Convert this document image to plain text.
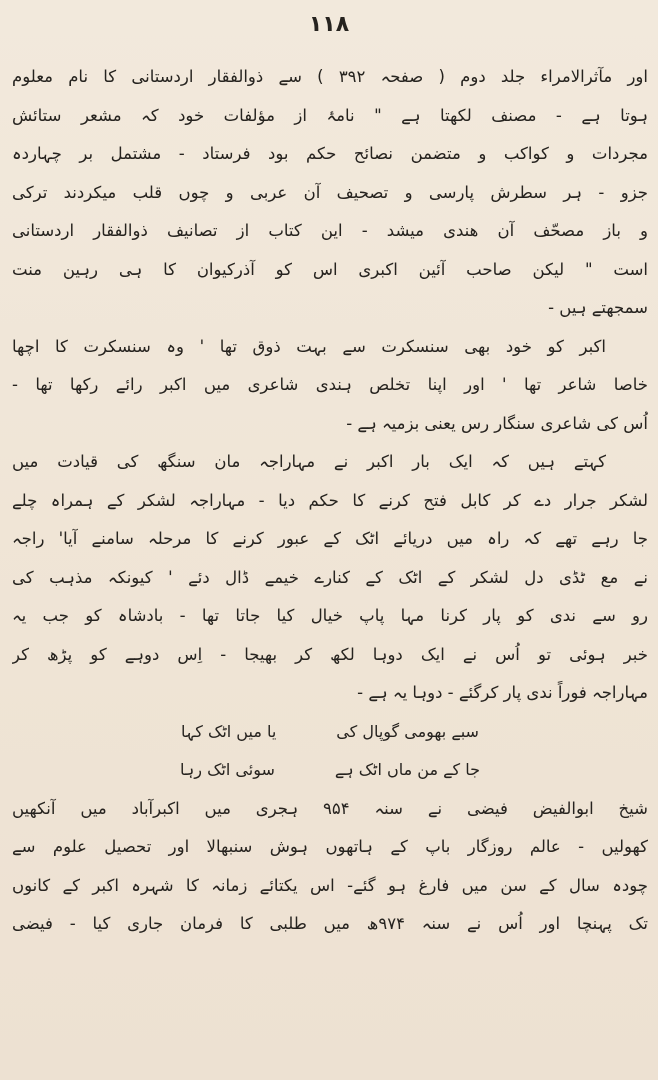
۱۱۸
اور مآثرالامراء جلد دوم ( صفحہ ۳۹۲ ) سے ذوالفقار اردستانی کا نام معلوم
ہوتا ہے - مصنف لکھتا ہے " نامۂ از مؤلفات خود کہ مشعر ستائش
مجردات و کواکب و متضمن نصائح حکم بود فرستاد - مشتمل بر چہاردہ
جزو - ہر سطرش پارسی و تصحیف آن عربی و چوں قلب میکردند ترکی
و باز مصحّف آن هندی میشد - این کتاب از تصانیف ذوالفقار اردستانی
است " لیکن صاحب آئین اکبری اس کو آذرکیوان کا ہی رہین منت
سمجھتے ہیں -
اکبر کو خود بھی سنسکرت سے بہت ذوق تھا ' وہ سنسکرت کا اچھا
خاصا شاعر تھا ' اور اپنا تخلص ہندی شاعری میں اکبر رائے رکھا تھا -
اُس کی شاعری سنگار رس یعنی بزمیہ ہے -
کہتے ہیں کہ ایک بار اکبر نے مہاراجہ مان سنگھ کی قیادت میں
لشکر جرار دے کر کابل فتح کرنے کا حکم دیا - مہاراجہ لشکر کے ہمراہ چلے
جا رہے تھے کہ راہ میں دریائے اٹک کے عبور کرنے کا مرحلہ سامنے آیا' راجہ
نے مع ٹڈی دل لشکر کے اٹک کے کنارے خیمے ڈال دئے ' کیونکہ مذہب کی
رو سے ندی کو پار کرنا مہا پاپ خیال کیا جاتا تھا - بادشاہ کو جب یہ
خبر ہوئی تو اُس نے ایک دوہا لکھ کر بھیجا - اِس دوہے کو پڑھ کر
مہاراجہ فوراً ندی پار کرگئے - دوہا یہ ہے -
سبے بھومی گوپال کی
یا میں اٹک کہا
جا کے من ماں اٹک ہے
سوئی اٹک رہا
شیخ ابوالفیض فیضی نے سنہ ۹۵۴ ہجری میں اکبرآباد میں آنکھیں
کھولیں - عالم روزگار باپ کے ہاتھوں ہوش سنبھالا اور تحصیل علوم سے
چودہ سال کے سن میں فارغ ہو گئے- اس یکتائے زمانہ کا شہرہ اکبر کے کانوں
تک پہنچا اور اُس نے سنہ ۹۷۴ھ میں طلبی کا فرمان جاری کیا - فیضی
